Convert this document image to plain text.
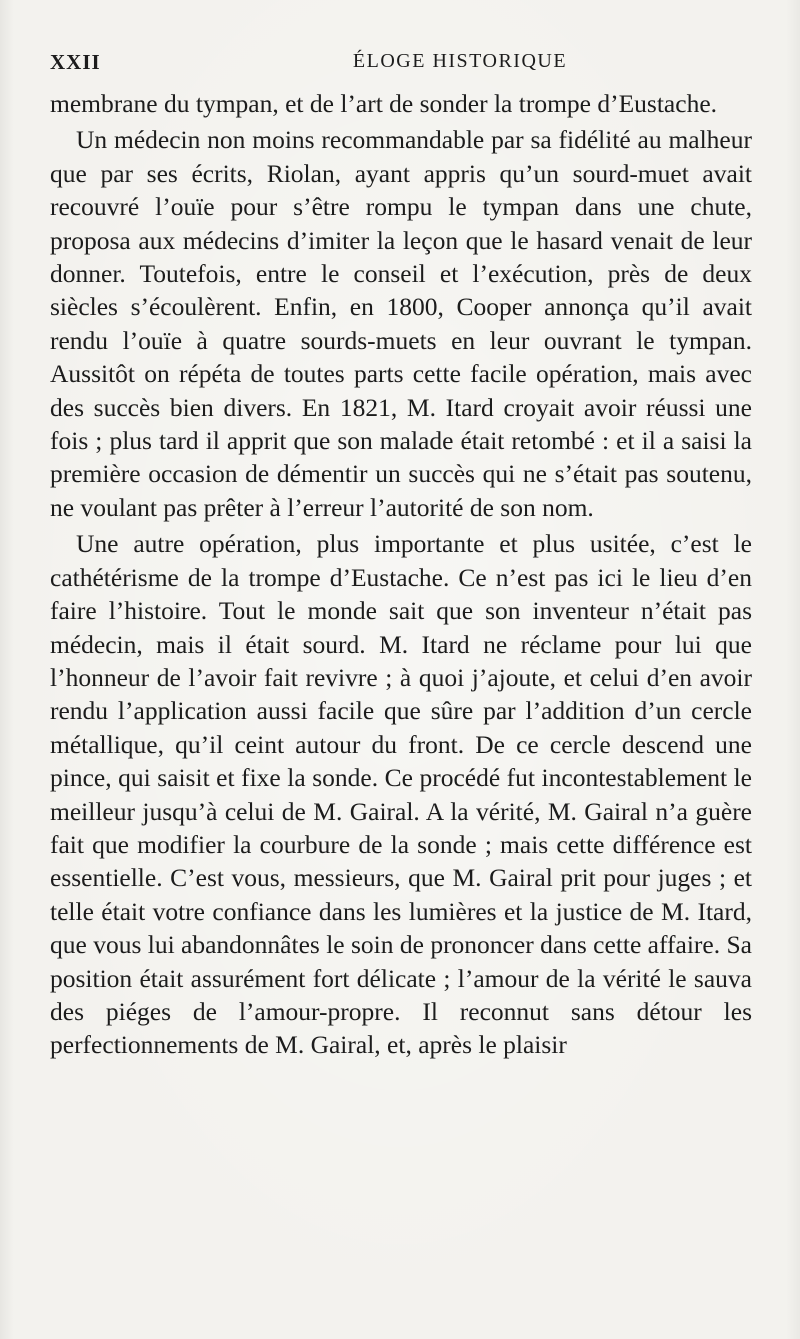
XXII	ÉLOGE HISTORIQUE

membrane du tympan, et de l’art de sonder la trompe d’Eustache.

Un médecin non moins recommandable par sa fidélité au malheur que par ses écrits, Riolan, ayant appris qu’un sourd-muet avait recouvré l’ouïe pour s’être rompu le tympan dans une chute, proposa aux médecins d’imiter la leçon que le hasard venait de leur donner. Toutefois, entre le conseil et l’exécution, près de deux siècles s’écoulèrent. Enfin, en 1800, Cooper annonça qu’il avait rendu l’ouïe à quatre sourds-muets en leur ouvrant le tympan. Aussitôt on répéta de toutes parts cette facile opération, mais avec des succès bien divers. En 1821, M. Itard croyait avoir réussi une fois ; plus tard il apprit que son malade était retombé : et il a saisi la première occasion de démentir un succès qui ne s’était pas soutenu, ne voulant pas prêter à l’erreur l’autorité de son nom.

Une autre opération, plus importante et plus usitée, c’est le cathétérisme de la trompe d’Eustache. Ce n’est pas ici le lieu d’en faire l’histoire. Tout le monde sait que son inventeur n’était pas médecin, mais il était sourd. M. Itard ne réclame pour lui que l’honneur de l’avoir fait revivre ; à quoi j’ajoute, et celui d’en avoir rendu l’application aussi facile que sûre par l’addition d’un cercle métallique, qu’il ceint autour du front. De ce cercle descend une pince, qui saisit et fixe la sonde. Ce procédé fut incontestablement le meilleur jusqu’à celui de M. Gairal. A la vérité, M. Gairal n’a guère fait que modifier la courbure de la sonde ; mais cette différence est essentielle. C’est vous, messieurs, que M. Gairal prit pour juges ; et telle était votre confiance dans les lumières et la justice de M. Itard, que vous lui abandonnâtes le soin de prononcer dans cette affaire. Sa position était assurément fort délicate ; l’amour de la vérité le sauva des piéges de l’amour-propre. Il reconnut sans détour les perfectionnements de M. Gairal, et, après le plaisir
